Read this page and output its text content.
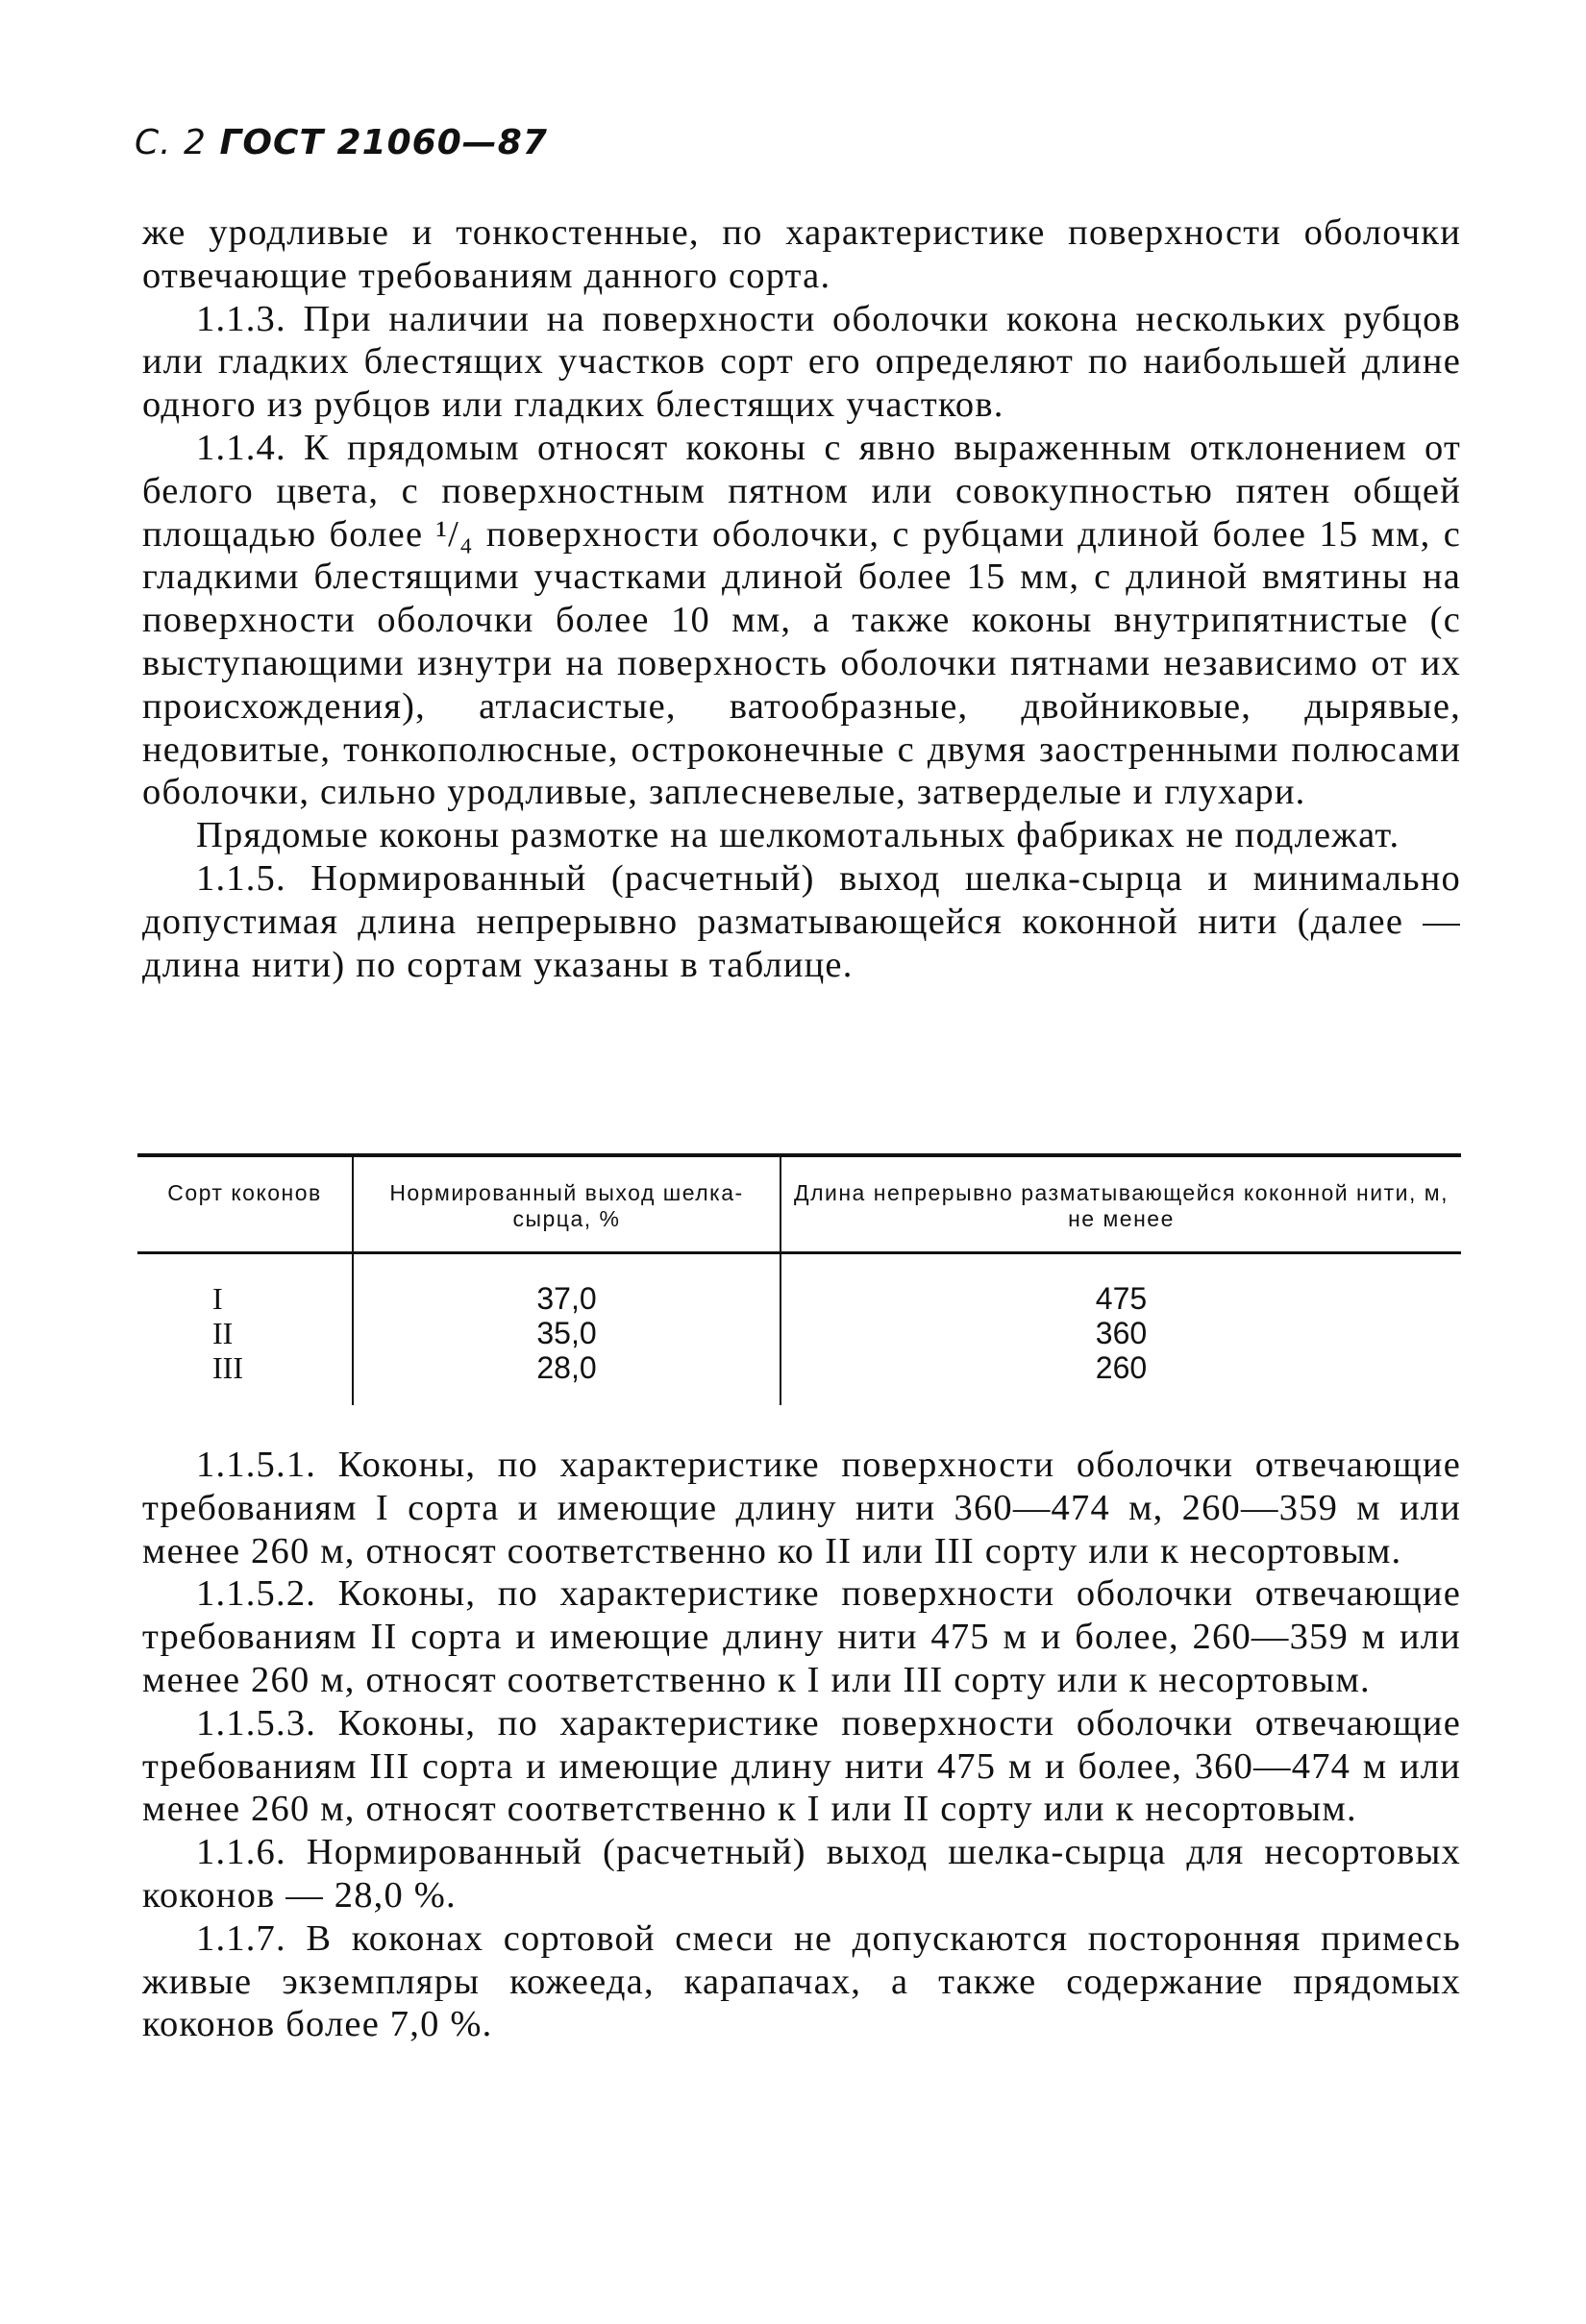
С. 2 ГОСТ 21060—87

же уродливые и тонкостенные, по характеристике поверхности оболочки отвечающие требованиям данного сорта.

1.1.3. При наличии на поверхности оболочки кокона нескольких рубцов или гладких блестящих участков сорт его определяют по наибольшей длине одного из рубцов или гладких блестящих участков.

1.1.4. К прядомым относят коконы с явно выраженным отклонением от белого цвета, с поверхностным пятном или совокупностью пятен общей площадью более ¹/₄ поверхности оболочки, с рубцами длиной более 15 мм, с гладкими блестящими участками длиной более 15 мм, с длиной вмятины на поверхности оболочки более 10 мм, а также коконы внутрипятнистые (с выступающими изнутри на поверхность оболочки пятнами независимо от их происхождения), атласистые, ватообразные, двойниковые, дырявые, недовитые, тонкополюсные, остроконечные с двумя заостренными полюсами оболочки, сильно уродливые, заплесневелые, затверделые и глухари.

Прядомые коконы размотке на шелкомотальных фабриках не подлежат.

1.1.5. Нормированный (расчетный) выход шелка-сырца и минимально допустимая длина непрерывно разматывающейся коконной нити (далее — длина нити) по сортам указаны в таблице.

Сорт коконов	Нормированный выход шелка-сырца, %
Длина непрерывно разматывающейся коконной нити, м, не менее
I
II
III
37,0
35,0
28,0
475
360
260

1.1.5.1. Коконы, по характеристике поверхности оболочки отвечающие требованиям I сорта и имеющие длину нити 360—474 м, 260—359 м или менее 260 м, относят соответственно ко II или III сорту или к несортовым.

1.1.5.2. Коконы, по характеристике поверхности оболочки отвечающие требованиям II сорта и имеющие длину нити 475 м и более, 260—359 м или менее 260 м, относят соответственно к I или III сорту или к несортовым.

1.1.5.3. Коконы, по характеристике поверхности оболочки отвечающие требованиям III сорта и имеющие длину нити 475 м и более, 360—474 м или менее 260 м, относят соответственно к I или II сорту или к несортовым.

1.1.6. Нормированный (расчетный) выход шелка-сырца для несортовых коконов — 28,0 %.

1.1.7. В коконах сортовой смеси не допускаются посторонняя примесь живые экземпляры кожееда, карапачах, а также содержание прядомых коконов более 7,0 %.
